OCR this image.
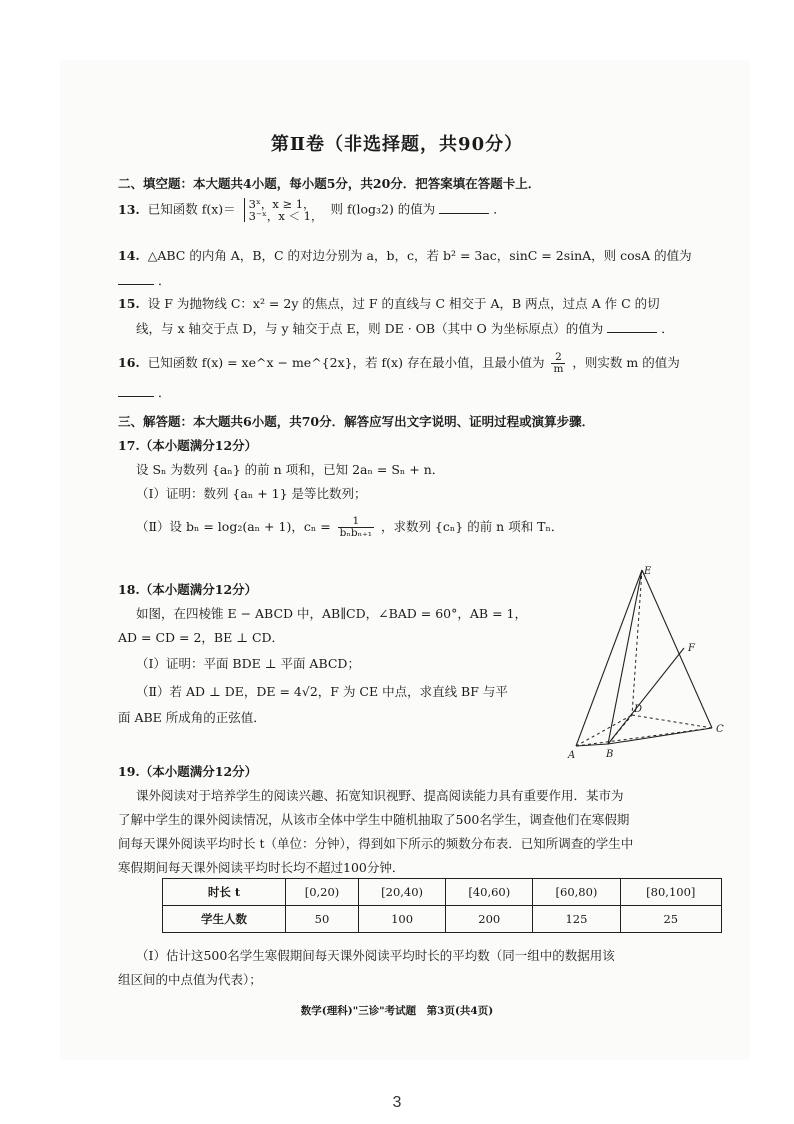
第Ⅱ卷（非选择题，共90分）
二、填空题：本大题共4小题，每小题5分，共20分．把答案填在答题卡上．
13. 已知函数 f(x)＝ 3ˣ，x ≥ 1，
3⁻ˣ，x ＜ 1， 则 f(log₃2) 的值为	．
14. △ABC 的内角 A，B，C 的对边分别为 a，b，c，若 b² = 3ac，sinC = 2sinA，则 cosA 的值为
．
15. 设 F 为抛物线 C：x² = 2y 的焦点，过 F 的直线与 C 相交于 A，B 两点，过点 A 作 C 的切
线，与 x 轴交于点 D，与 y 轴交于点 E，则 DE · OB（其中 O 为坐标原点）的值为	．
16. 已知函数 f(x) = xe^x − me^{2x}，若 f(x) 存在最小值，且最小值为 $\frac{2}{m}$ ，则实数 m 的值为
．
三、解答题：本大题共6小题，共70分．解答应写出文字说明、证明过程或演算步骤．
17.（本小题满分12分）
设 Sₙ 为数列 {aₙ} 的前 n 项和，已知 2aₙ = Sₙ + n．
（Ⅰ）证明：数列 {aₙ + 1} 是等比数列；
（Ⅱ）设 bₙ = log₂(aₙ + 1)，$c_n = \frac{1}{\text{bₙbₙ₊₁}}$ ，求数列 {cₙ} 的前 n 项和 Tₙ．
18.（本小题满分12分）
如图，在四棱锥 E − ABCD 中，AB∥CD，∠BAD = 60°，AB = 1，
AD = CD = 2，BE ⊥ CD．
（Ⅰ）证明：平面 BDE ⊥ 平面 ABCD；
（Ⅱ）若 AD ⊥ DE，DE = 4√2，F 为 CE 中点，求直线 BF 与平
面 ABE 所成角的正弦值．
E
F
D
A	B
C
19.（本小题满分12分）
课外阅读对于培养学生的阅读兴趣、拓宽知识视野、提高阅读能力具有重要作用．某市为
了解中学生的课外阅读情况，从该市全体中学生中随机抽取了500名学生，调查他们在寒假期
间每天课外阅读平均时长 t（单位：分钟），得到如下所示的频数分布表．已知所调查的学生中
寒假期间每天课外阅读平均时长均不超过100分钟．
时长 t	[0,20)	[20,40)	[40,60)	[60,80)	[80,100]
学生人数	50	100	200	125	25
（Ⅰ）估计这500名学生寒假期间每天课外阅读平均时长的平均数（同一组中的数据用该
组区间的中点值为代表）；
数学(理科)"三诊"考试题　第3页(共4页)
3
